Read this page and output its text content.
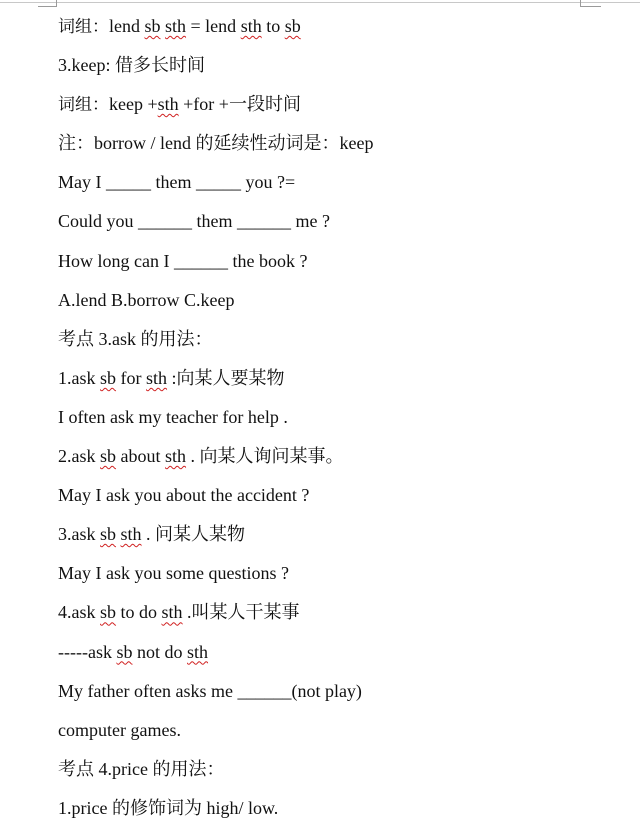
词组：lend sb sth = lend sth to sb
3.keep: 借多长时间
词组：keep +sth +for +一段时间
注：borrow / lend 的延续性动词是：keep
May I _____ them _____ you ?=
Could you ______ them ______ me ?
How long can I ______ the book ?
A.lend B.borrow C.keep
考点 3.ask 的用法：
1.ask sb for sth :向某人要某物
I often ask my teacher for help .
2.ask sb about sth . 向某人询问某事。
May I ask you about the accident ?
3.ask sb sth . 问某人某物
May I ask you some questions ?
4.ask sb to do sth .叫某人干某事
-----ask sb not do sth
My father often asks me ______(not play)
computer games.
考点 4.price 的用法：
1.price 的修饰词为 high/ low.
